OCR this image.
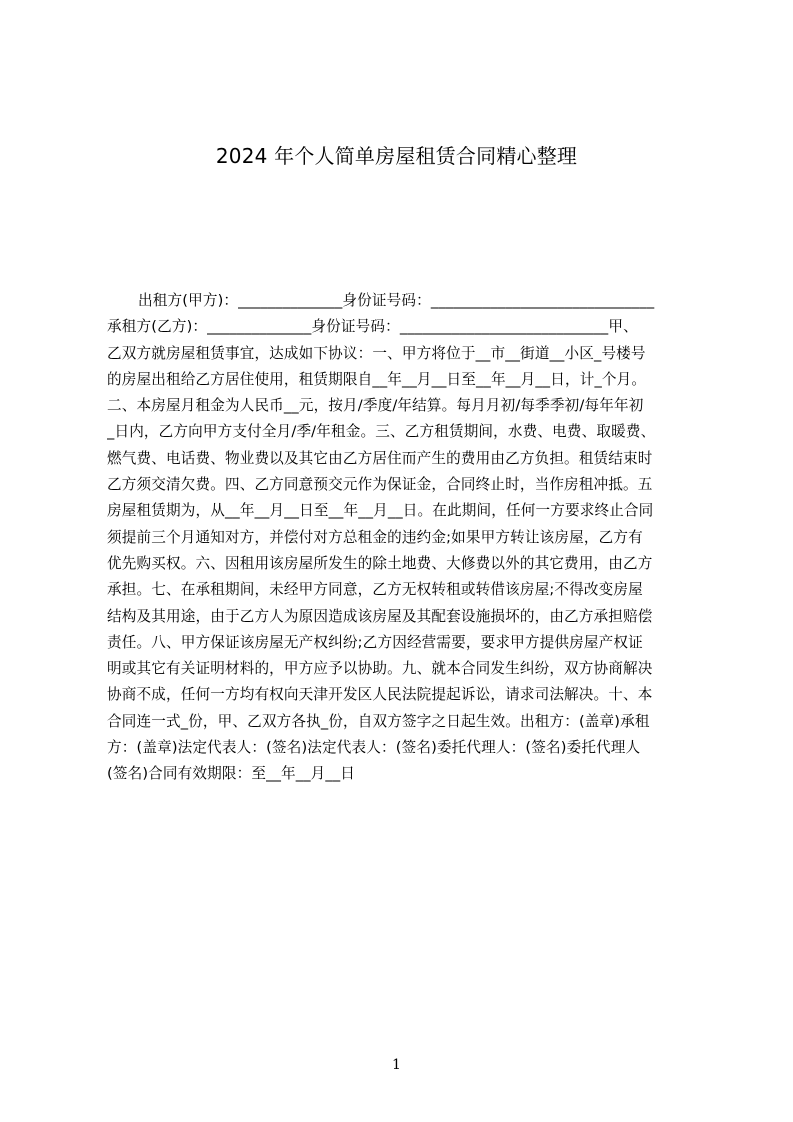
2024 年个人简单房屋租赁合同精心整理
出租方(甲方)：______________身份证号码：______________________________
承租方(乙方)：______________身份证号码：____________________________甲、
乙双方就房屋租赁事宜，达成如下协议：一、甲方将位于__市__街道__小区_号楼号
的房屋出租给乙方居住使用，租赁期限自__年__月__日至__年__月__日，计_个月。
二、本房屋月租金为人民币__元，按月/季度/年结算。每月月初/每季季初/每年年初
_日内，乙方向甲方支付全月/季/年租金。三、乙方租赁期间，水费、电费、取暖费、
燃气费、电话费、物业费以及其它由乙方居住而产生的费用由乙方负担。租赁结束时
乙方须交清欠费。四、乙方同意预交元作为保证金，合同终止时，当作房租冲抵。五
房屋租赁期为，从__年__月__日至__年__月__日。在此期间，任何一方要求终止合同
须提前三个月通知对方，并偿付对方总租金的违约金;如果甲方转让该房屋，乙方有
优先购买权。六、因租用该房屋所发生的除土地费、大修费以外的其它费用，由乙方
承担。七、在承租期间，未经甲方同意，乙方无权转租或转借该房屋;不得改变房屋
结构及其用途，由于乙方人为原因造成该房屋及其配套设施损坏的，由乙方承担赔偿
责任。八、甲方保证该房屋无产权纠纷;乙方因经营需要，要求甲方提供房屋产权证
明或其它有关证明材料的，甲方应予以协助。九、就本合同发生纠纷，双方协商解决
协商不成，任何一方均有权向天津开发区人民法院提起诉讼，请求司法解决。十、本
合同连一式_份，甲、乙双方各执_份，自双方签字之日起生效。出租方：(盖章)承租
方：(盖章)法定代表人：(签名)法定代表人：(签名)委托代理人：(签名)委托代理人
(签名)合同有效期限：至__年__月__日
1
